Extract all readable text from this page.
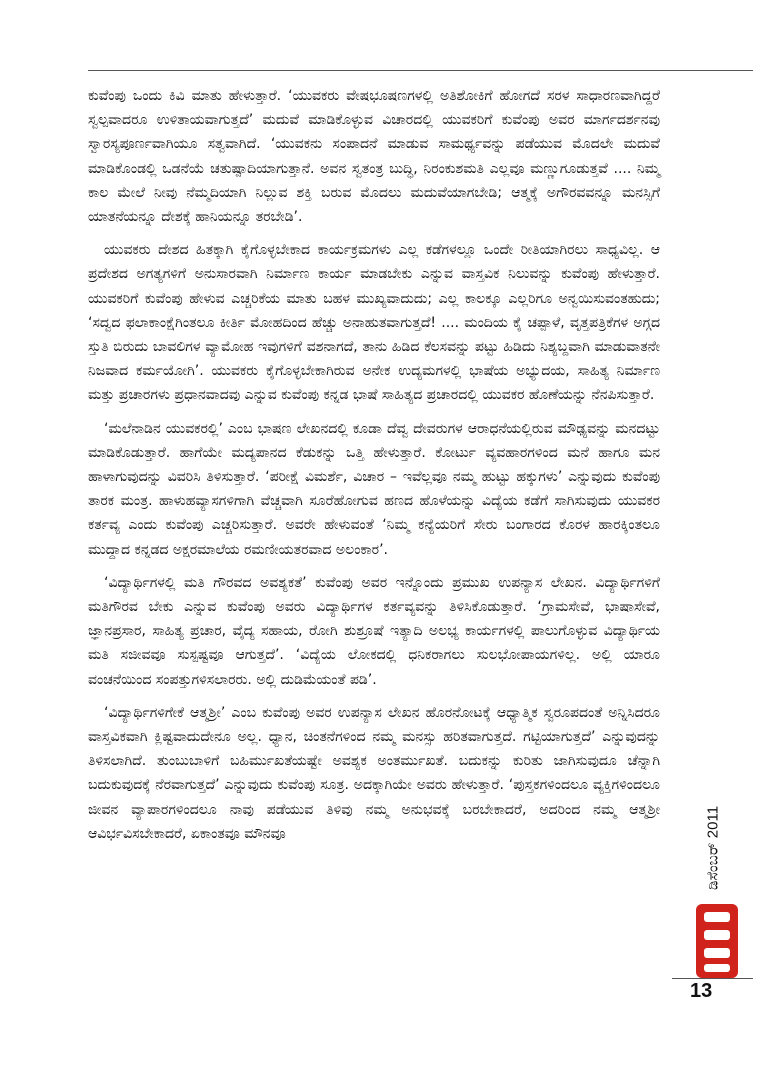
ಕುವೆಂಪು ಒಂದು ಕಿವಿ ಮಾತು ಹೇಳುತ್ತಾರೆ. ‘ಯುವಕರು ವೇಷಭೂಷಣಗಳಲ್ಲಿ ಅತಿಶೋಕಿಗೆ ಹೋಗದೆ ಸರಳ ಸಾಧಾರಣವಾಗಿದ್ದರೆ ಸ್ವಲ್ಪವಾದರೂ ಉಳಿತಾಯವಾಗುತ್ತದೆ’ ಮದುವೆ ಮಾಡಿಕೊಳ್ಳುವ ವಿಚಾರದಲ್ಲಿ ಯುವಕರಿಗೆ ಕುವೆಂಪು ಅವರ ಮಾರ್ಗದರ್ಶನವು ಸ್ವಾರಸ್ಯಪೂರ್ಣವಾಗಿಯೂ ಸತ್ವವಾಗಿದೆ. ‘ಯುವಕನು ಸಂಪಾದನೆ ಮಾಡುವ ಸಾಮರ್ಥ್ಯವನ್ನು ಪಡೆಯುವ ಮೊದಲೇ ಮದುವೆ ಮಾಡಿಕೊಂಡಲ್ಲಿ ಒಡನೆಯೆ ಚತುಷ್ಪಾದಿಯಾಗುತ್ತಾನೆ. ಅವನ ಸ್ವತಂತ್ರ ಬುದ್ಧಿ, ನಿರಂಕುಶಮತಿ ಎಲ್ಲವೂ ಮಣ್ಣುಗೂಡುತ್ತವೆ .... ನಿಮ್ಮ ಕಾಲ ಮೇಲೆ ನೀವು ನೆಮ್ಮದಿಯಾಗಿ ನಿಲ್ಲುವ ಶಕ್ತಿ ಬರುವ ಮೊದಲು ಮದುವೆಯಾಗಬೇಡಿ; ಆತ್ಮಕ್ಕೆ ಅಗೌರವವನ್ನೂ ಮನಸ್ಸಿಗೆ ಯಾತನೆಯನ್ನೂ ದೇಶಕ್ಕೆ ಹಾನಿಯನ್ನೂ ತರಬೇಡಿ’.

ಯುವಕರು ದೇಶದ ಹಿತಕ್ಕಾಗಿ ಕೈಗೊಳ್ಳಬೇಕಾದ ಕಾರ್ಯಕ್ರಮಗಳು ಎಲ್ಲ ಕಡೆಗಳಲ್ಲೂ ಒಂದೇ ರೀತಿಯಾಗಿರಲು ಸಾಧ್ಯವಿಲ್ಲ. ಆ ಪ್ರದೇಶದ ಅಗತ್ಯಗಳಿಗೆ ಅನುಸಾರವಾಗಿ ನಿರ್ಮಾಣ ಕಾರ್ಯ ಮಾಡಬೇಕು ಎನ್ನುವ ವಾಸ್ತವಿಕ ನಿಲುವನ್ನು ಕುವೆಂಪು ಹೇಳುತ್ತಾರೆ. ಯುವಕರಿಗೆ ಕುವೆಂಪು ಹೇಳುವ ಎಚ್ಚರಿಕೆಯ ಮಾತು ಬಹಳ ಮುಖ್ಯವಾದುದು; ಎಲ್ಲ ಕಾಲಕ್ಕೂ ಎಲ್ಲರಿಗೂ ಅನ್ವಯಿಸುವಂತಹುದು; ‘ಸದ್ವದ ಫಲಾಕಾಂಕ್ಷೆಗಿಂತಲೂ ಕೀರ್ತಿ ಮೋಹದಿಂದ ಹೆಚ್ಚು ಅನಾಹುತವಾಗುತ್ತದೆ! .... ಮಂದಿಯ ಕೈ ಚಪ್ಪಾಳೆ, ವೃತ್ತಪತ್ರಿಕೆಗಳ ಅಗ್ಗದ ಸ್ತುತಿ ಬಿರುದು ಬಾವಲಿಗಳ ವ್ಯಾಮೋಹ ಇವುಗಳಿಗೆ ವಶನಾಗದೆ, ತಾನು ಹಿಡಿದ ಕೆಲಸವನ್ನು ಪಟ್ಟು ಹಿಡಿದು ನಿಶ್ಯಬ್ದವಾಗಿ ಮಾಡುವಾತನೇ ನಿಜವಾದ ಕರ್ಮಯೋಗಿ’. ಯುವಕರು ಕೈಗೊಳ್ಳಬೇಕಾಗಿರುವ ಅನೇಕ ಉದ್ಯಮಗಳಲ್ಲಿ ಭಾಷೆಯ ಅಭ್ಯುದಯ, ಸಾಹಿತ್ಯ ನಿರ್ಮಾಣ ಮತ್ತು ಪ್ರಚಾರಗಳು ಪ್ರಧಾನವಾದವು ಎನ್ನುವ ಕುವೆಂಪು ಕನ್ನಡ ಭಾಷೆ ಸಾಹಿತ್ಯದ ಪ್ರಚಾರದಲ್ಲಿ ಯುವಕರ ಹೊಣೆಯನ್ನು ನೆನಪಿಸುತ್ತಾರೆ.

‘ಮಲೆನಾಡಿನ ಯುವಕರಲ್ಲಿ’ ಎಂಬ ಭಾಷಣ ಲೇಖನದಲ್ಲಿ ಕೂಡಾ ದೆವ್ವ ದೇವರುಗಳ ಆರಾಧನೆಯಲ್ಲಿರುವ ಮೌಢ್ಯವನ್ನು ಮನದಟ್ಟು ಮಾಡಿಕೊಡುತ್ತಾರೆ. ಹಾಗೆಯೇ ಮದ್ಯಪಾನದ ಕೆಡುಕನ್ನು ಒತ್ತಿ ಹೇಳುತ್ತಾರೆ. ಕೋರ್ಟು ವ್ಯವಹಾರಗಳಿಂದ ಮನೆ ಹಾಗೂ ಮನ ಹಾಳಾಗುವುದನ್ನು ವಿವರಿಸಿ ತಿಳಿಸುತ್ತಾರೆ. ‘ಪರೀಕ್ಷೆ ವಿಮರ್ಶೆ, ವಿಚಾರ – ಇವೆಲ್ಲವೂ ನಮ್ಮ ಹುಟ್ಟು ಹಕ್ಕುಗಳು’ ಎನ್ನುವುದು ಕುವೆಂಪು ತಾರಕ ಮಂತ್ರ. ಹಾಳುಹವ್ಯಾಸಗಳಿಗಾಗಿ ವೆಚ್ಚವಾಗಿ ಸೂರೆಹೋಗುವ ಹಣದ ಹೊಳೆಯನ್ನು ವಿದ್ಯೆಯ ಕಡೆಗೆ ಸಾಗಿಸುವುದು ಯುವಕರ ಕರ್ತವ್ಯ ಎಂದು ಕುವೆಂಪು ಎಚ್ಚರಿಸುತ್ತಾರೆ. ಅವರೇ ಹೇಳುವಂತೆ ‘ನಿಮ್ಮ ಕನ್ಯೆಯರಿಗೆ ಸೇರು ಬಂಗಾರದ ಕೊರಳ ಹಾರಕ್ಕಿಂತಲೂ ಮುದ್ದಾದ ಕನ್ನಡದ ಅಕ್ಷರಮಾಲೆಯ ರಮಣೀಯತರವಾದ ಅಲಂಕಾರ’.

‘ವಿದ್ಯಾರ್ಥಿಗಳಲ್ಲಿ ಮತಿ ಗೌರವದ ಅವಶ್ಯಕತೆ’ ಕುವೆಂಪು ಅವರ ಇನ್ನೊಂದು ಪ್ರಮುಖ ಉಪನ್ಯಾಸ ಲೇಖನ. ವಿದ್ಯಾರ್ಥಿಗಳಿಗೆ ಮತಿಗೌರವ ಬೇಕು ಎನ್ನುವ ಕುವೆಂಪು ಅವರು ವಿದ್ಯಾರ್ಥಿಗಳ ಕರ್ತವ್ಯವನ್ನು ತಿಳಿಸಿಕೊಡುತ್ತಾರೆ. ‘ಗ್ರಾಮಸೇವೆ, ಭಾಷಾಸೇವೆ, ಜ್ಞಾನಪ್ರಸಾರ, ಸಾಹಿತ್ಯ ಪ್ರಚಾರ, ವೈದ್ಯ ಸಹಾಯ, ರೋಗಿ ಶುಶ್ರೂಷೆ ಇತ್ಯಾದಿ ಅಲಭ್ಯ ಕಾರ್ಯಗಳಲ್ಲಿ ಪಾಲುಗೊಳ್ಳುವ ವಿದ್ಯಾರ್ಥಿಯ ಮತಿ ಸಜೀವವೂ ಸುಸ್ಪಷ್ಟವೂ ಆಗುತ್ತದೆ’. ‘ವಿದ್ಯೆಯ ಲೋಕದಲ್ಲಿ ಧನಿಕರಾಗಲು ಸುಲಭೋಪಾಯಗಳಿಲ್ಲ. ಅಲ್ಲಿ ಯಾರೂ ವಂಚನೆಯಿಂದ ಸಂಪತ್ತುಗಳಿಸಲಾರರು. ಅಲ್ಲಿ ದುಡಿಮೆಯಂತೆ ಪಡಿ’.

‘ವಿದ್ಯಾರ್ಥಿಗಳಿಗೇಕೆ ಆತ್ಮಶ್ರೀ’ ಎಂಬ ಕುವೆಂಪು ಅವರ ಉಪನ್ಯಾಸ ಲೇಖನ ಹೊರನೋಟಕ್ಕೆ ಆಧ್ಯಾತ್ಮಿಕ ಸ್ವರೂಪದಂತೆ ಅನ್ನಿಸಿದರೂ ವಾಸ್ತವಿಕವಾಗಿ ಕ್ಲಿಷ್ಟವಾದುದೇನೂ ಅಲ್ಲ. ಧ್ಯಾನ, ಚಿಂತನೆಗಳಿಂದ ನಮ್ಮ ಮನಸ್ಸು ಹರಿತವಾಗುತ್ತದೆ. ಗಟ್ಟಿಯಾಗುತ್ತದೆ’ ಎನ್ನುವುದನ್ನು ತಿಳಿಸಲಾಗಿದೆ. ತುಂಬುಬಾಳಿಗೆ ಬಹಿರ್ಮುಖತೆಯಷ್ಟೇ ಅವಶ್ಯಕ ಅಂತರ್ಮುಖತೆ. ಬದುಕನ್ನು ಕುರಿತು ಜಾಗಿಸುವುದೂ ಚೆನ್ನಾಗಿ ಬದುಕುವುದಕ್ಕೆ ನೆರವಾಗುತ್ತದೆ’ ಎನ್ನುವುದು ಕುವೆಂಪು ಸೂತ್ರ. ಅದಕ್ಕಾಗಿಯೇ ಅವರು ಹೇಳುತ್ತಾರೆ. ‘ಪುಸ್ತಕಗಳಿಂದಲೂ ವ್ಯಕ್ತಿಗಳಿಂದಲೂ ಜೀವನ ವ್ಯಾಪಾರಗಳಿಂದಲೂ ನಾವು ಪಡೆಯುವ ತಿಳಿವು ನಮ್ಮ ಅನುಭವಕ್ಕೆ ಬರಬೇಕಾದರೆ, ಅದರಿಂದ ನಮ್ಮ ಆತ್ಮಶ್ರೀ ಆವಿರ್ಭವಿಸಬೇಕಾದರೆ, ಏಕಾಂತವೂ ಮೌನವೂ	ಡಿಸೆಂಬರ್ 2011
ಮಯೂರ
13
